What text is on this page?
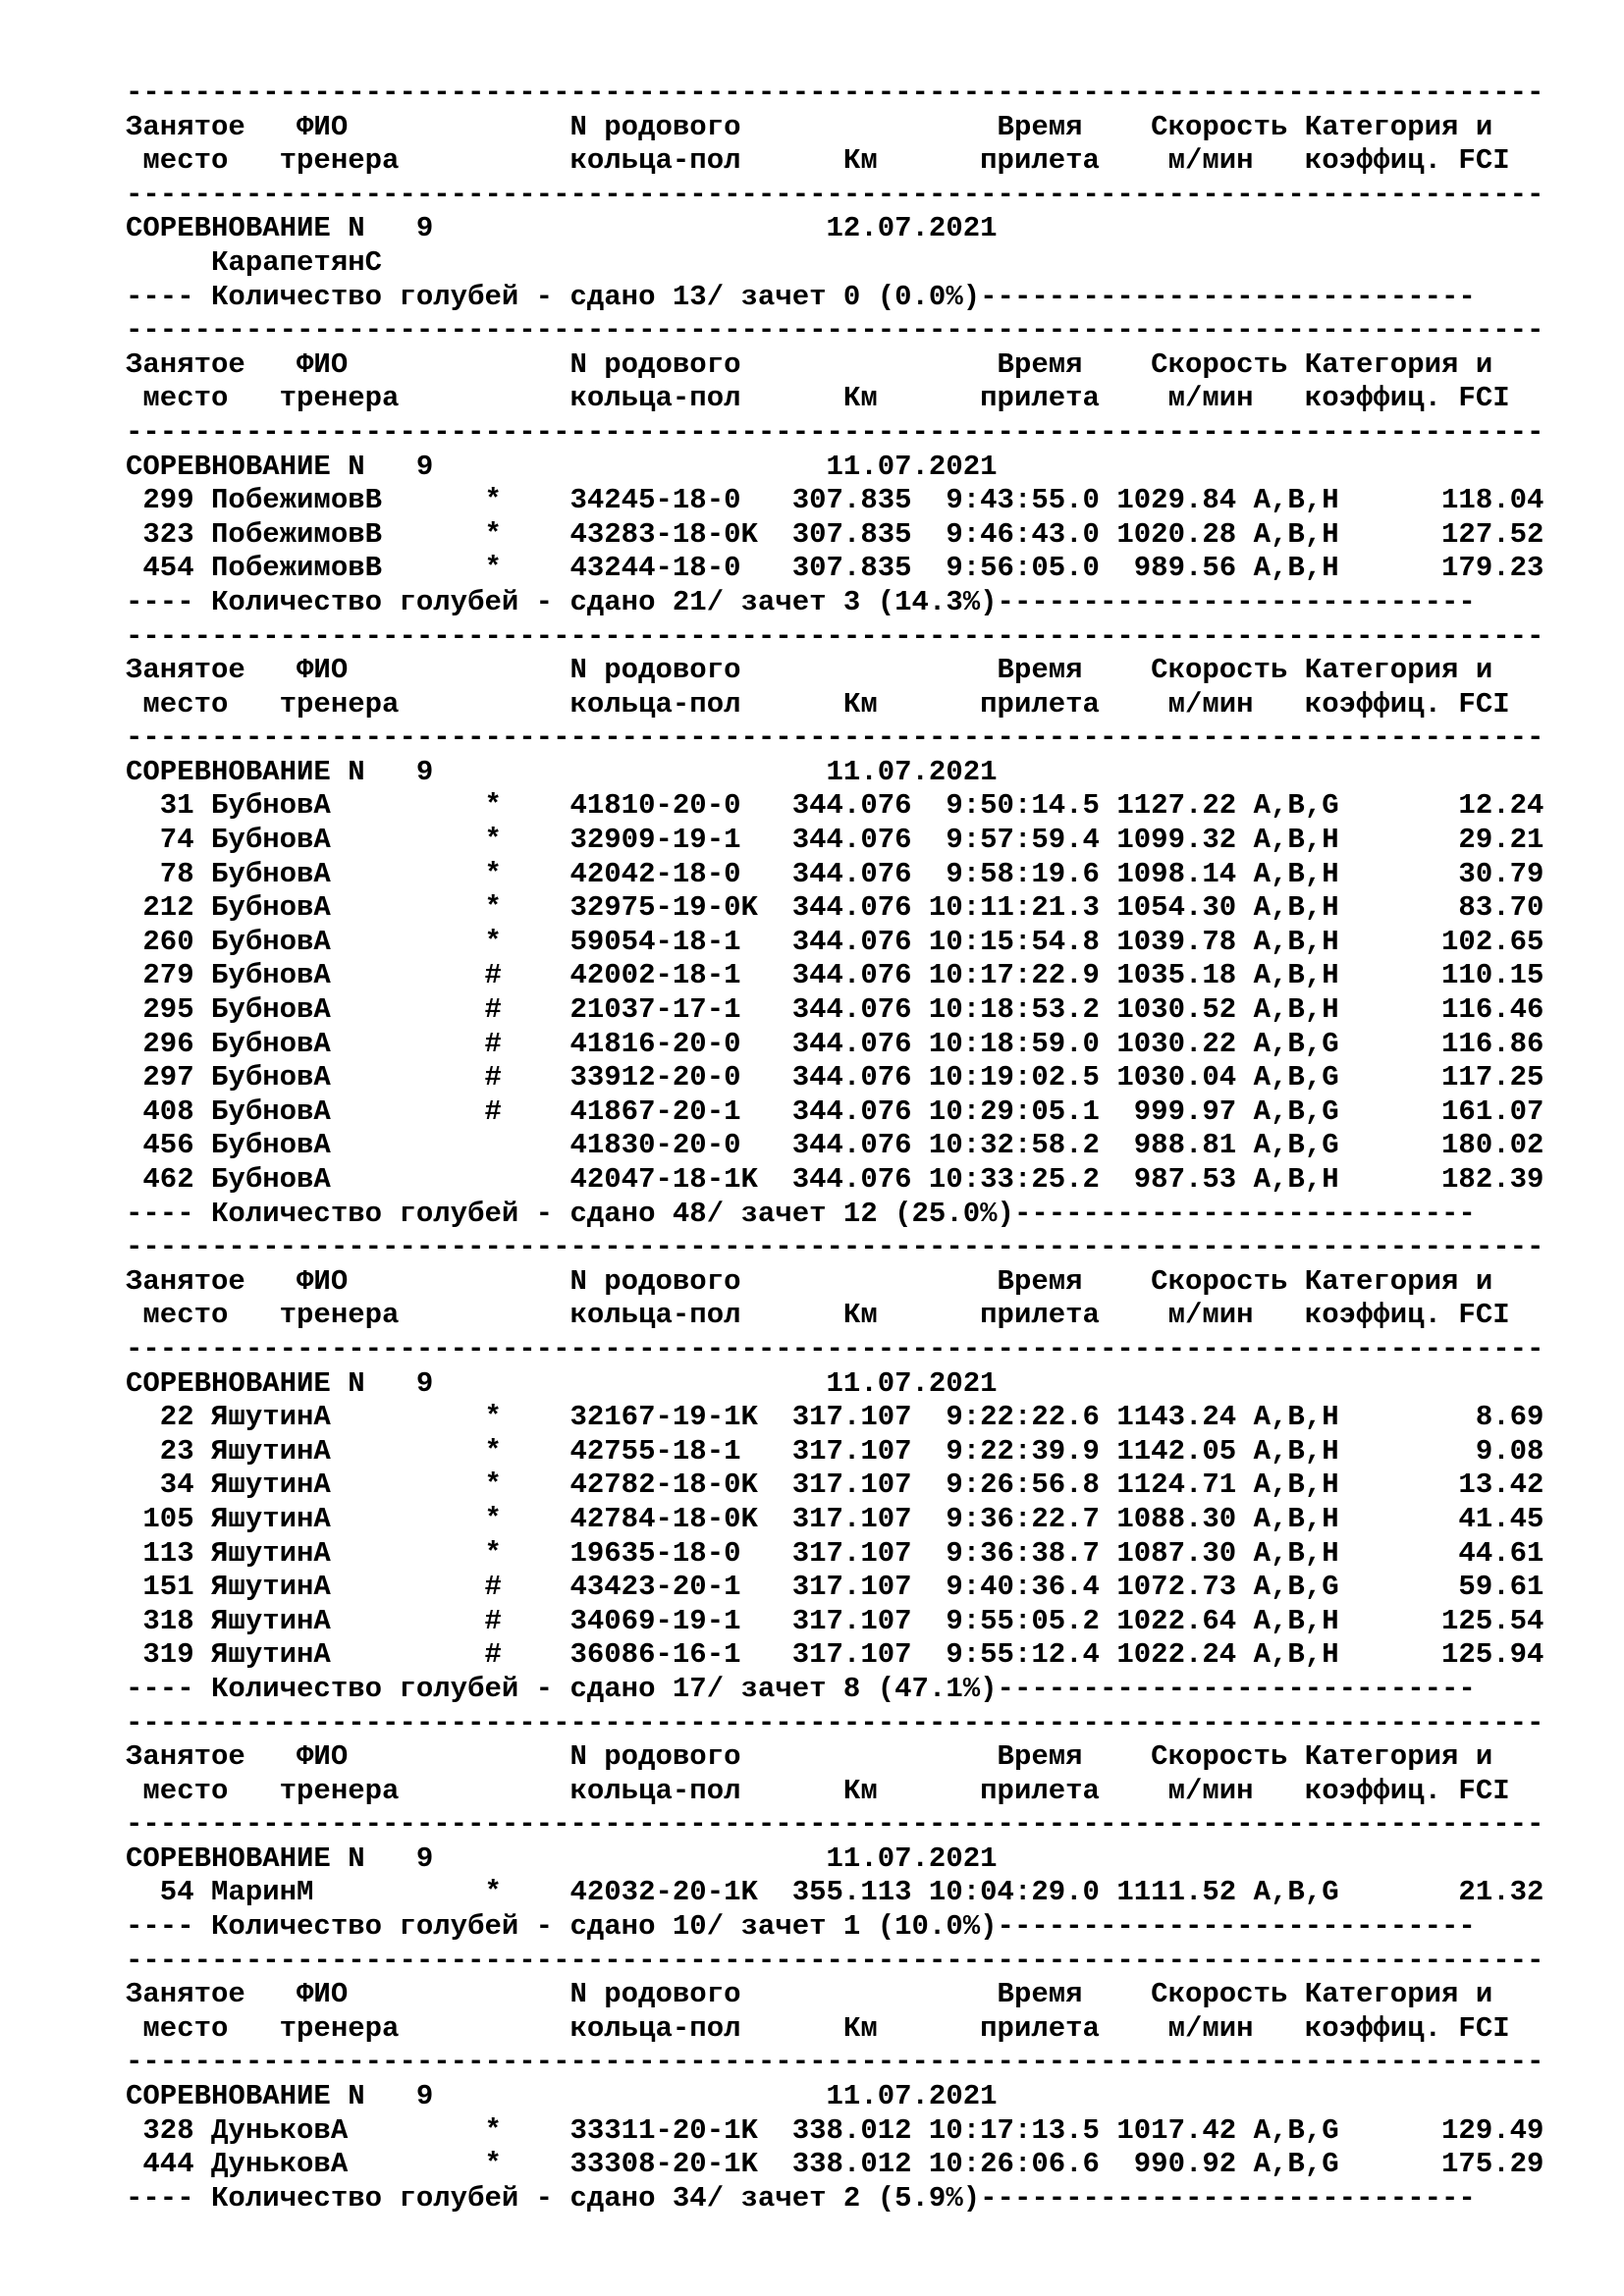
-----------------------------------------------------------------------------------
Занятое   ФИО             N родового               Время    Скорость Категория и
место   тренера          кольца-пол      Км      прилета    м/мин   коэффиц. FCI
-----------------------------------------------------------------------------------
СОРЕВНОВАНИЕ N   9                       12.07.2021
КарапетянС
---- Количество голубей - сдано 13/ зачет 0 (0.0%)-----------------------------
-----------------------------------------------------------------------------------
Занятое   ФИО             N родового               Время    Скорость Категория и
место   тренера          кольца-пол      Км      прилета    м/мин   коэффиц. FCI
-----------------------------------------------------------------------------------
СОРЕВНОВАНИЕ N   9                       11.07.2021
299 ПобежимовВ      *    34245-18-0   307.835  9:43:55.0 1029.84 A,B,H      118.04
323 ПобежимовВ      *    43283-18-0K  307.835  9:46:43.0 1020.28 A,B,H      127.52
454 ПобежимовВ      *    43244-18-0   307.835  9:56:05.0  989.56 A,B,H      179.23
---- Количество голубей - сдано 21/ зачет 3 (14.3%)----------------------------
-----------------------------------------------------------------------------------
Занятое   ФИО             N родового               Время    Скорость Категория и
место   тренера          кольца-пол      Км      прилета    м/мин   коэффиц. FCI
-----------------------------------------------------------------------------------
СОРЕВНОВАНИЕ N   9                       11.07.2021
31 БубновА         *    41810-20-0   344.076  9:50:14.5 1127.22 A,B,G       12.24
74 БубновА         *    32909-19-1   344.076  9:57:59.4 1099.32 A,B,H       29.21
78 БубновА         *    42042-18-0   344.076  9:58:19.6 1098.14 A,B,H       30.79
212 БубновА         *    32975-19-0K  344.076 10:11:21.3 1054.30 A,B,H       83.70
260 БубновА         *    59054-18-1   344.076 10:15:54.8 1039.78 A,B,H      102.65
279 БубновА         #    42002-18-1   344.076 10:17:22.9 1035.18 A,B,H      110.15
295 БубновА         #    21037-17-1   344.076 10:18:53.2 1030.52 A,B,H      116.46
296 БубновА         #    41816-20-0   344.076 10:18:59.0 1030.22 A,B,G      116.86
297 БубновА         #    33912-20-0   344.076 10:19:02.5 1030.04 A,B,G      117.25
408 БубновА         #    41867-20-1   344.076 10:29:05.1  999.97 A,B,G      161.07
456 БубновА              41830-20-0   344.076 10:32:58.2  988.81 A,B,G      180.02
462 БубновА              42047-18-1K  344.076 10:33:25.2  987.53 A,B,H      182.39
---- Количество голубей - сдано 48/ зачет 12 (25.0%)---------------------------
-----------------------------------------------------------------------------------
Занятое   ФИО             N родового               Время    Скорость Категория и
место   тренера          кольца-пол      Км      прилета    м/мин   коэффиц. FCI
-----------------------------------------------------------------------------------
СОРЕВНОВАНИЕ N   9                       11.07.2021
22 ЯшутинА         *    32167-19-1K  317.107  9:22:22.6 1143.24 A,B,H        8.69
23 ЯшутинА         *    42755-18-1   317.107  9:22:39.9 1142.05 A,B,H        9.08
34 ЯшутинА         *    42782-18-0K  317.107  9:26:56.8 1124.71 A,B,H       13.42
105 ЯшутинА         *    42784-18-0K  317.107  9:36:22.7 1088.30 A,B,H       41.45
113 ЯшутинА         *    19635-18-0   317.107  9:36:38.7 1087.30 A,B,H       44.61
151 ЯшутинА         #    43423-20-1   317.107  9:40:36.4 1072.73 A,B,G       59.61
318 ЯшутинА         #    34069-19-1   317.107  9:55:05.2 1022.64 A,B,H      125.54
319 ЯшутинА         #    36086-16-1   317.107  9:55:12.4 1022.24 A,B,H      125.94
---- Количество голубей - сдано 17/ зачет 8 (47.1%)----------------------------
-----------------------------------------------------------------------------------
Занятое   ФИО             N родового               Время    Скорость Категория и
место   тренера          кольца-пол      Км      прилета    м/мин   коэффиц. FCI
-----------------------------------------------------------------------------------
СОРЕВНОВАНИЕ N   9                       11.07.2021
54 МаринМ          *    42032-20-1K  355.113 10:04:29.0 1111.52 A,B,G       21.32
---- Количество голубей - сдано 10/ зачет 1 (10.0%)----------------------------
-----------------------------------------------------------------------------------
Занятое   ФИО             N родового               Время    Скорость Категория и
место   тренера          кольца-пол      Км      прилета    м/мин   коэффиц. FCI
-----------------------------------------------------------------------------------
СОРЕВНОВАНИЕ N   9                       11.07.2021
328 ДуньковА        *    33311-20-1K  338.012 10:17:13.5 1017.42 A,B,G      129.49
444 ДуньковА        *    33308-20-1K  338.012 10:26:06.6  990.92 A,B,G      175.29
---- Количество голубей - сдано 34/ зачет 2 (5.9%)-----------------------------
